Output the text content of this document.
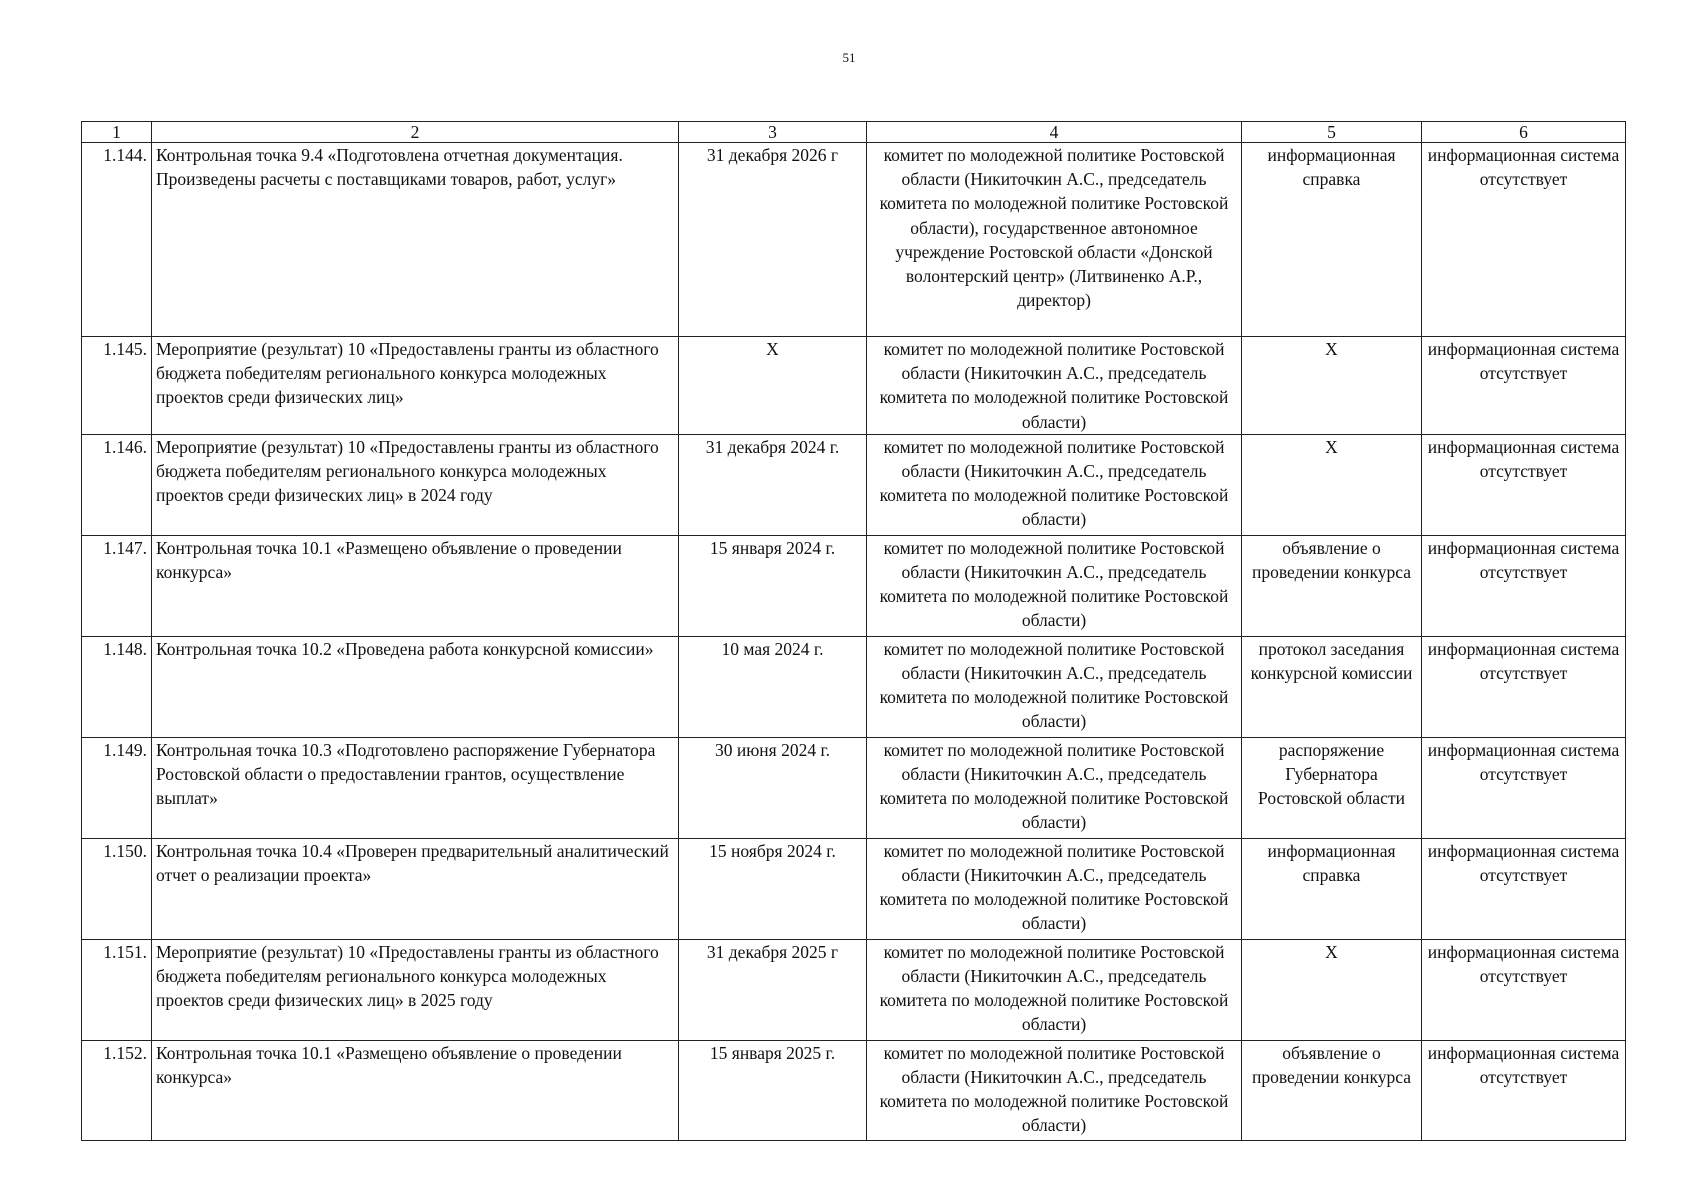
51
1	2	3	4	5	6
1.144.	Контрольная точка 9.4 «Подготовлена отчетная документация. Произведены расчеты с поставщиками товаров, работ, услуг»	31 декабря 2026 г	комитет по молодежной политике Ростовской области (Никиточкин А.С., председатель комитета по молодежной политике Ростовской области), государственное автономное учреждение Ростовской области «Донской волонтерский центр» (Литвиненко А.Р., директор)	информационная справка	информационная система отсутствует
1.145.	Мероприятие (результат) 10 «Предоставлены гранты из областного бюджета победителям регионального конкурса молодежных проектов среди физических лиц»	Х	комитет по молодежной политике Ростовской области (Никиточкин А.С., председатель комитета по молодежной политике Ростовской области)	Х	информационная система отсутствует
1.146.	Мероприятие (результат) 10 «Предоставлены гранты из областного бюджета победителям регионального конкурса молодежных проектов среди физических лиц» в 2024 году	31 декабря 2024 г.	комитет по молодежной политике Ростовской области (Никиточкин А.С., председатель комитета по молодежной политике Ростовской области)	Х	информационная система отсутствует
1.147.	Контрольная точка 10.1 «Размещено объявление о проведении конкурса»	15 января 2024 г.	комитет по молодежной политике Ростовской области (Никиточкин А.С., председатель комитета по молодежной политике Ростовской области)	объявление о проведении конкурса	информационная система отсутствует
1.148.	Контрольная точка 10.2 «Проведена работа конкурсной комиссии»	10 мая 2024 г.	комитет по молодежной политике Ростовской области (Никиточкин А.С., председатель комитета по молодежной политике Ростовской области)	протокол заседания конкурсной комиссии	информационная система отсутствует
1.149.	Контрольная точка 10.3 «Подготовлено распоряжение Губернатора Ростовской области о предоставлении грантов, осуществление выплат»	30 июня 2024 г.	комитет по молодежной политике Ростовской области (Никиточкин А.С., председатель комитета по молодежной политике Ростовской области)	распоряжение Губернатора Ростовской области	информационная система отсутствует
1.150.	Контрольная точка 10.4 «Проверен предварительный аналитический отчет о реализации проекта»	15 ноября 2024 г.	комитет по молодежной политике Ростовской области (Никиточкин А.С., председатель комитета по молодежной политике Ростовской области)	информационная справка	информационная система отсутствует
1.151.	Мероприятие (результат) 10 «Предоставлены гранты из областного бюджета победителям регионального конкурса молодежных проектов среди физических лиц» в 2025 году	31 декабря 2025 г	комитет по молодежной политике Ростовской области (Никиточкин А.С., председатель комитета по молодежной политике Ростовской области)	Х	информационная система отсутствует
1.152.	Контрольная точка 10.1 «Размещено объявление о проведении конкурса»	15 января 2025 г.	комитет по молодежной политике Ростовской области (Никиточкин А.С., председатель комитета по молодежной политике Ростовской области)	объявление о проведении конкурса	информационная система отсутствует
